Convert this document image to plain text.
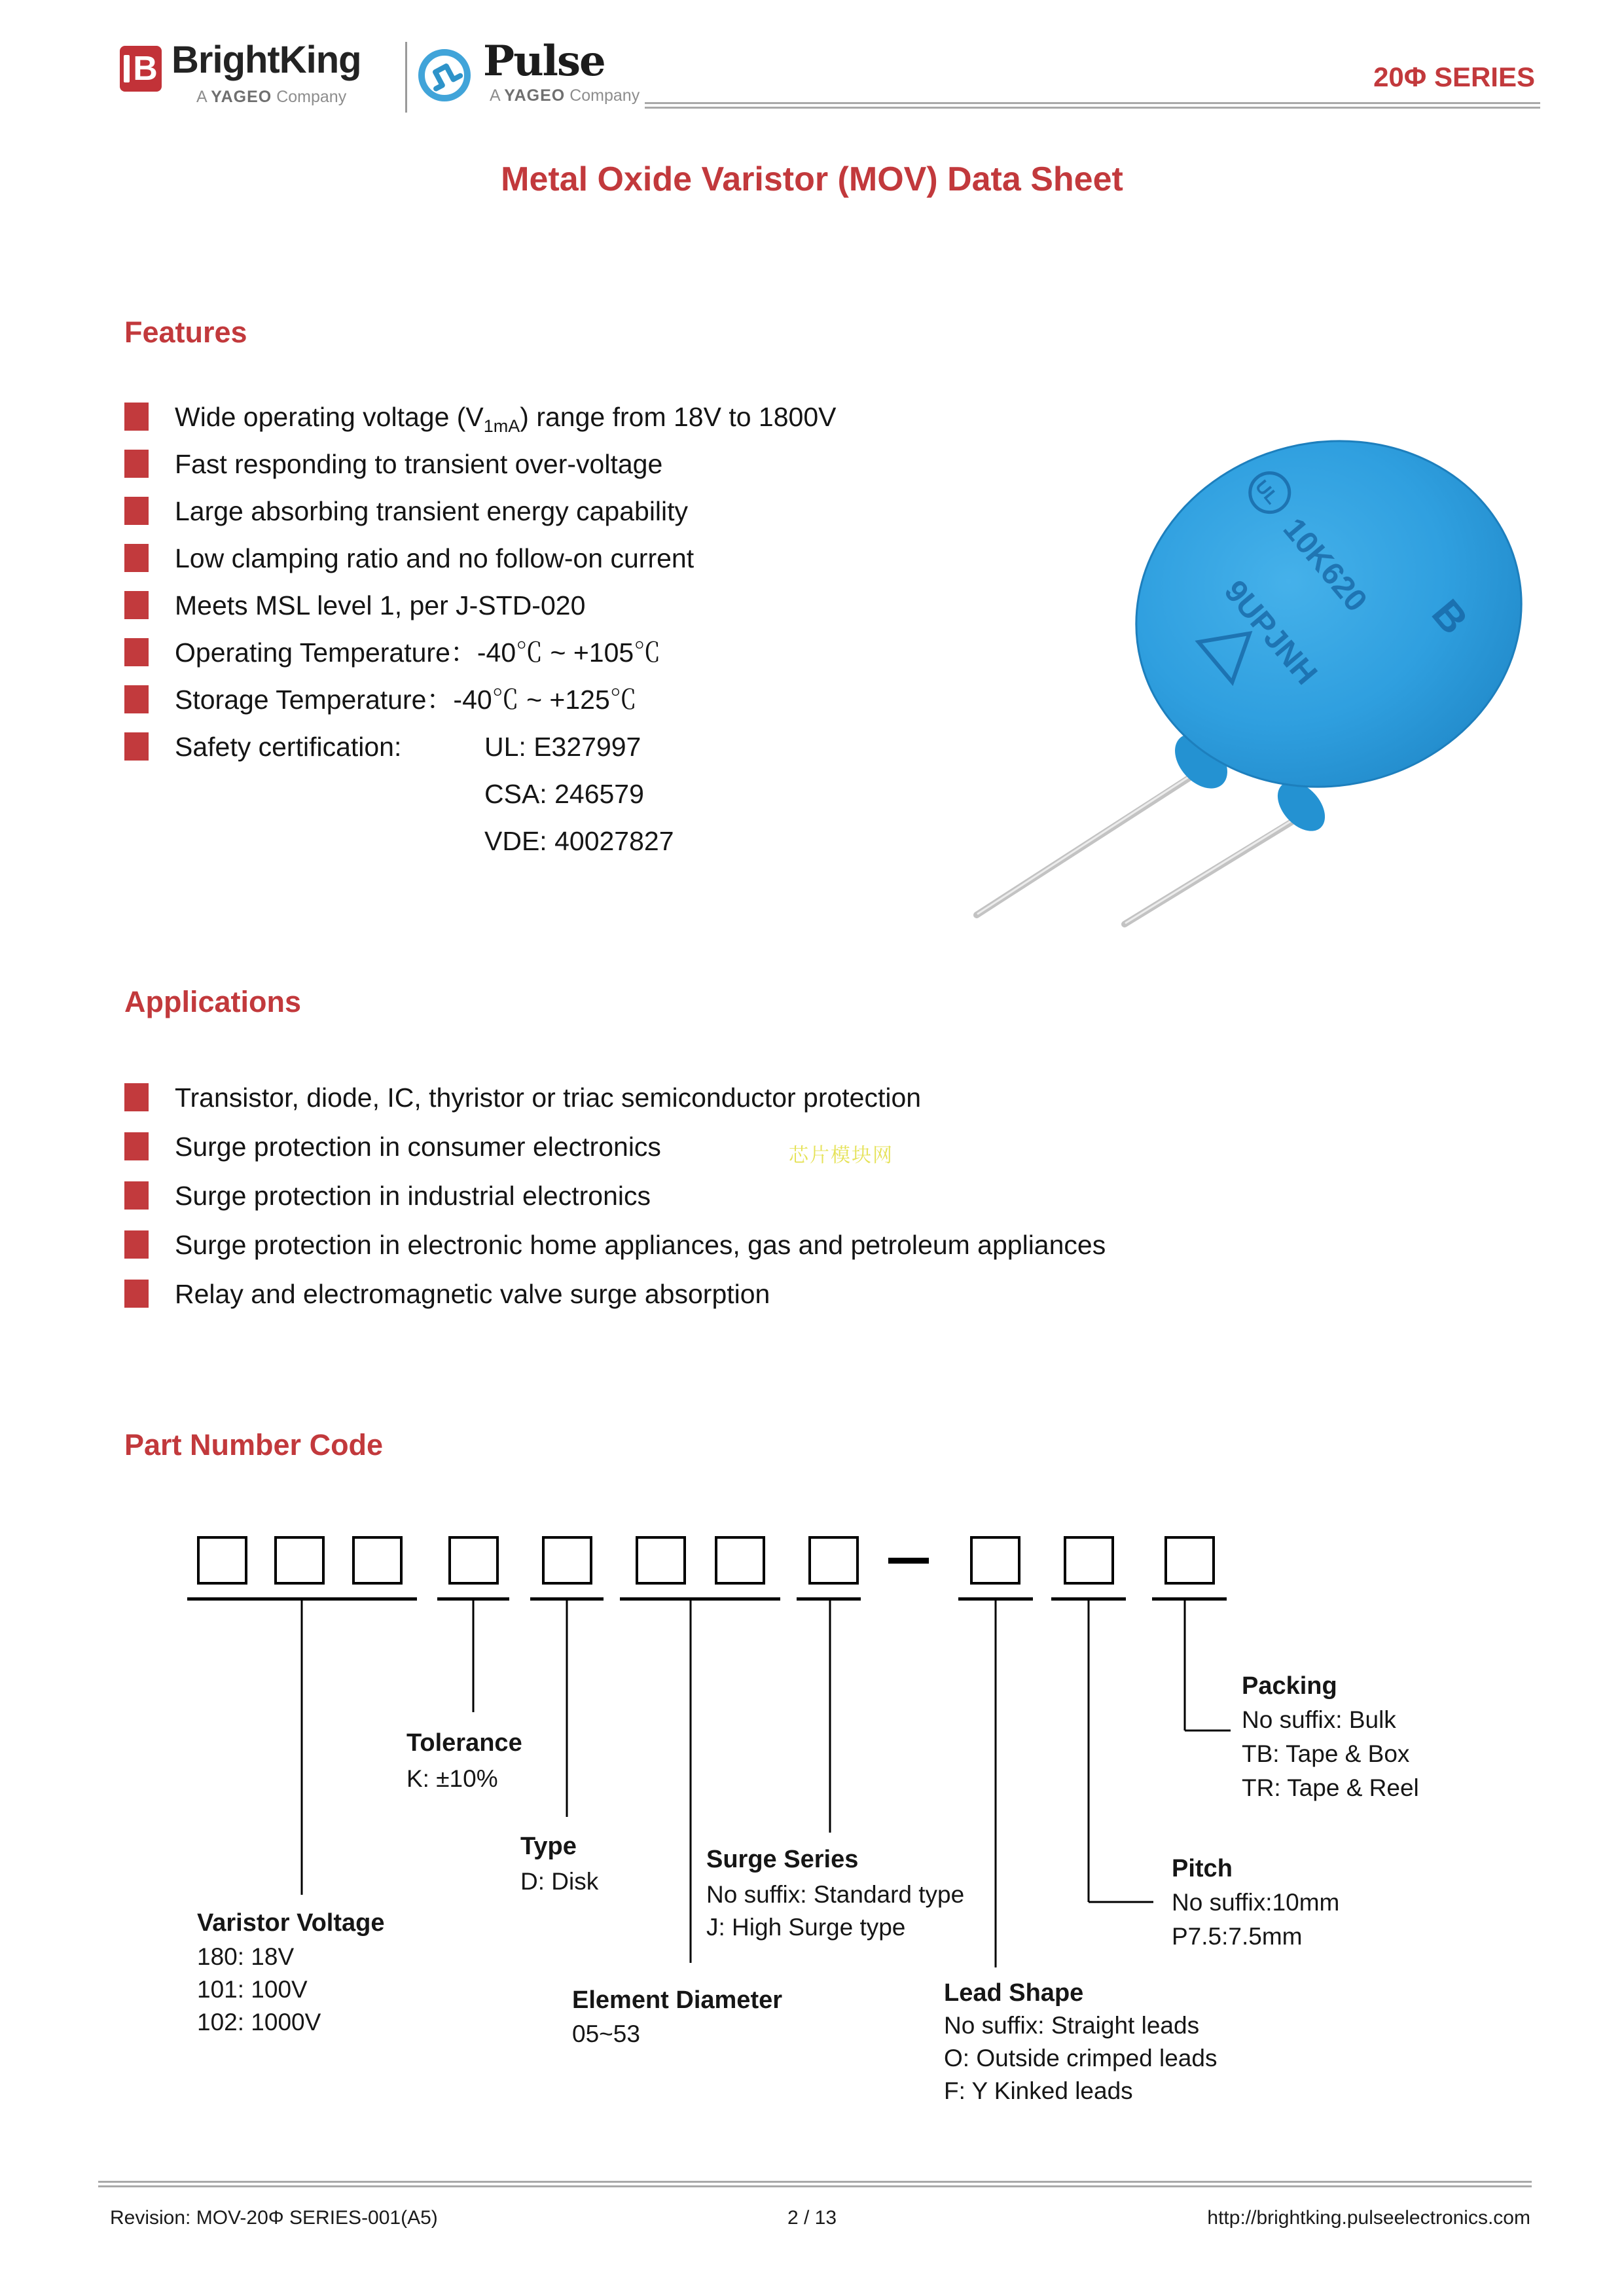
B BrightKing
A YAGEO Company
Pulse
A YAGEO Company
20Φ SERIES
Metal Oxide Varistor (MOV) Data Sheet
Features
Wide operating voltage $(V_{1mA})$ range from 18V to 1800V
Fast responding to transient over-voltage
Large absorbing transient energy capability
Low clamping ratio and no follow-on current
Meets MSL level 1, per J-STD-020
Operating Temperature：-40℃ ~ +105℃
Storage Temperature：-40℃ ~ +125℃
Safety certification:	UL: E327997
CSA: 246579
VDE: 40027827
B
10K620
9UPJNH
UL
Applications
Transistor, diode, IC, thyristor or triac semiconductor protection
Surge protection in consumer electronics
Surge protection in industrial electronics
Surge protection in electronic home appliances, gas and petroleum appliances
Relay and electromagnetic valve surge absorption
芯片模块网
Part Number Code
Tolerance
K: ±10%
Type
D: Disk
Surge Series
No suffix: Standard type
J: High Surge type
Pitch
No suffix:10mm
P7.5:7.5mm
Packing
No suffix: Bulk
TB: Tape & Box
TR: Tape & Reel
Varistor Voltage
180: 18V
101: 100V
102: 1000V
Element Diameter
05~53
Lead Shape
No suffix: Straight leads
O: Outside crimped leads
F: Y Kinked leads
Revision: MOV-20Φ SERIES-001(A5)	2 / 13	http://brightking.pulseelectronics.com
